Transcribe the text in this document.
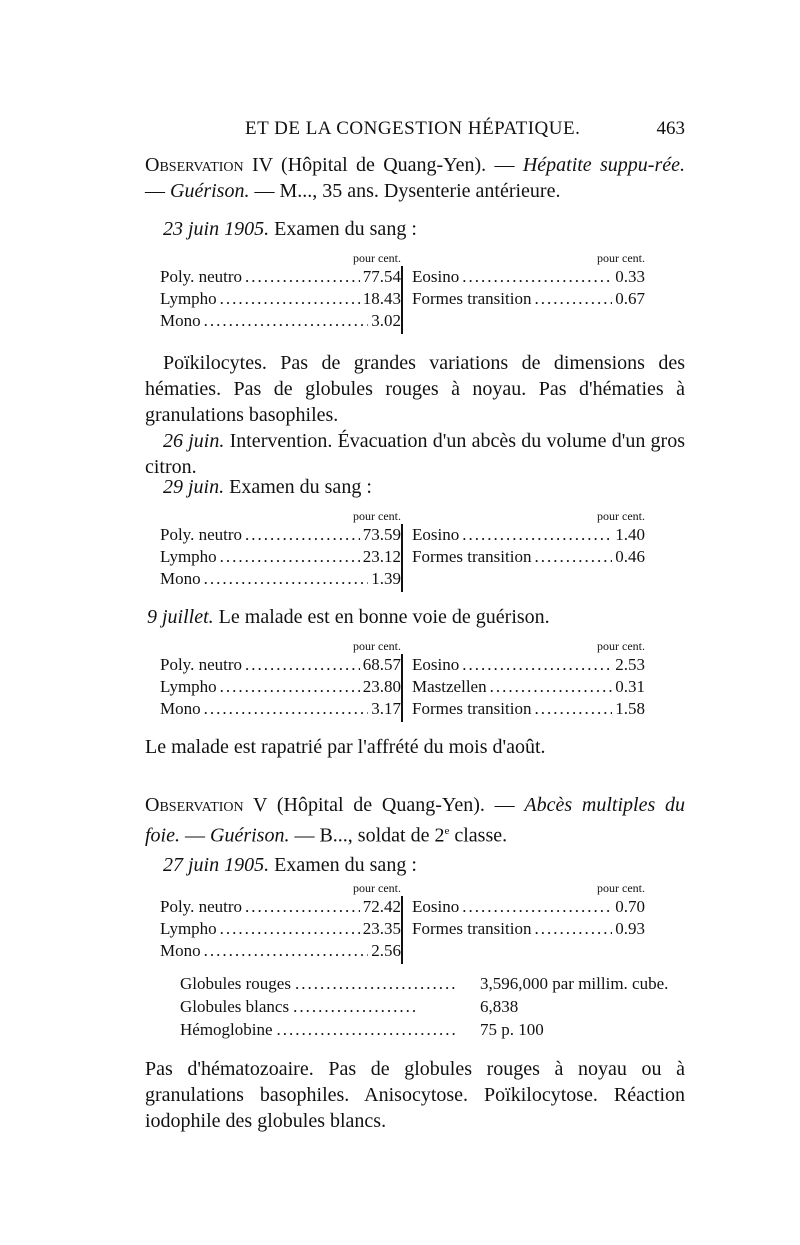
ET DE LA CONGESTION HÉPATIQUE.	463
Observation IV (Hôpital de Quang-Yen). — Hépatite suppu-rée. — Guérison. — M..., 35 ans. Dysenterie antérieure.
23 juin 1905. Examen du sang :
pour cent.
Poly. neutro .....	77.54
Lympho .....	18.43
Mono .....	3.02
pour cent.
Eosino .....	0.33
Formes transition .....	0.67
Poïkilocytes. Pas de grandes variations de dimensions des hématies. Pas de globules rouges à noyau. Pas d'hématies à granulations basophiles.
26 juin. Intervention. Évacuation d'un abcès du volume d'un gros citron.
29 juin. Examen du sang :
pour cent.
Poly. neutro .....	73.59
Lympho .....	23.12
Mono .....	1.39
pour cent.
Eosino .....	1.40
Formes transition .....	0.46
9 juillet. Le malade est en bonne voie de guérison.
pour cent.
Poly. neutro .....	68.57
Lympho .....	23.80
Mono .....	3.17
pour cent.
Eosino .....	2.53
Mastzellen .....	0.31
Formes transition .....	1.58
Le malade est rapatrié par l'affrété du mois d'août.
Observation V (Hôpital de Quang-Yen). — Abcès multiples du foie. — Guérison. — B..., soldat de 2e classe.
27 juin 1905. Examen du sang :
pour cent.
Poly. neutro .....	72.42
Lympho .....	23.35
Mono .....	2.56
pour cent.
Eosino .....	0.70
Formes transition .....	0.93
Globules rouges .....	3,596,000 par millim. cube.
Globules blancs .....	6,838
Hémoglobine .....	75 p. 100
Pas d'hématozoaire. Pas de globules rouges à noyau ou à granulations basophiles. Anisocytose. Poïkilocytose. Réaction iodophile des globules blancs.
